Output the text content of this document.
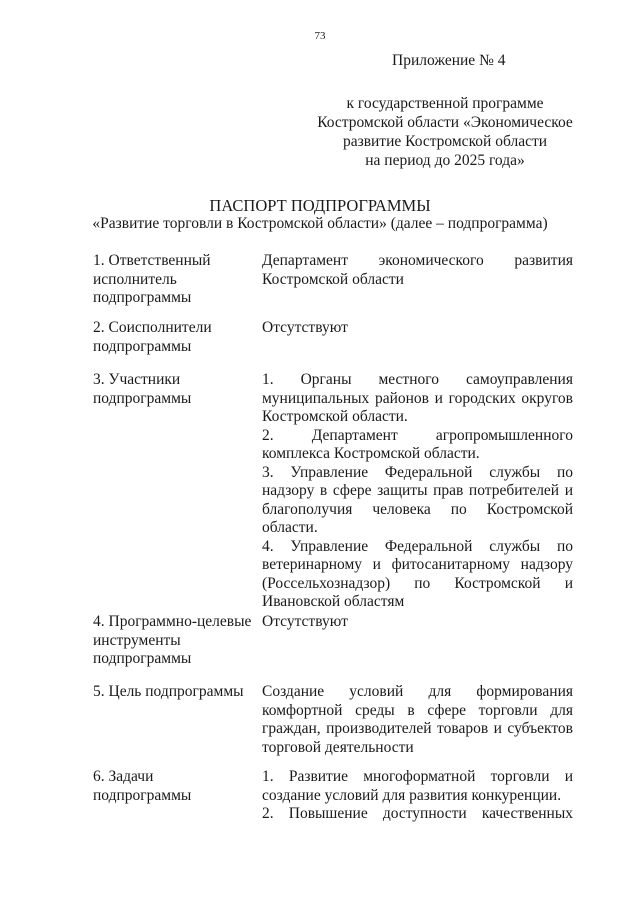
73
Приложение № 4
к государственной программе
Костромской области «Экономическое
развитие Костромской области
на период до 2025 года»
ПАСПОРТ ПОДПРОГРАММЫ
«Развитие торговли в Костромской области» (далее – подпрограмма)
1. Ответственный
исполнитель
подпрограммы
Департамент экономического развития
Костромской области
2. Соисполнители
подпрограммы
Отсутствуют
3. Участники
подпрограммы
1. Органы местного самоуправления
муниципальных районов и городских округов
Костромской области.
2. Департамент агропромышленного
комплекса Костромской области.
3. Управление Федеральной службы по
надзору в сфере защиты прав потребителей и
благополучия человека по Костромской
области.
4. Управление Федеральной службы по
ветеринарному и фитосанитарному надзору
(Россельхознадзор) по Костромской и
Ивановской областям
4. Программно-целевые
инструменты
подпрограммы
Отсутствуют
5. Цель подпрограммы	Создание условий для формирования
комфортной среды в сфере торговли для
граждан, производителей товаров и субъектов
торговой деятельности
6. Задачи
подпрограммы
1. Развитие многоформатной торговли и
создание условий для развития конкуренции.
2. Повышение доступности качественных
